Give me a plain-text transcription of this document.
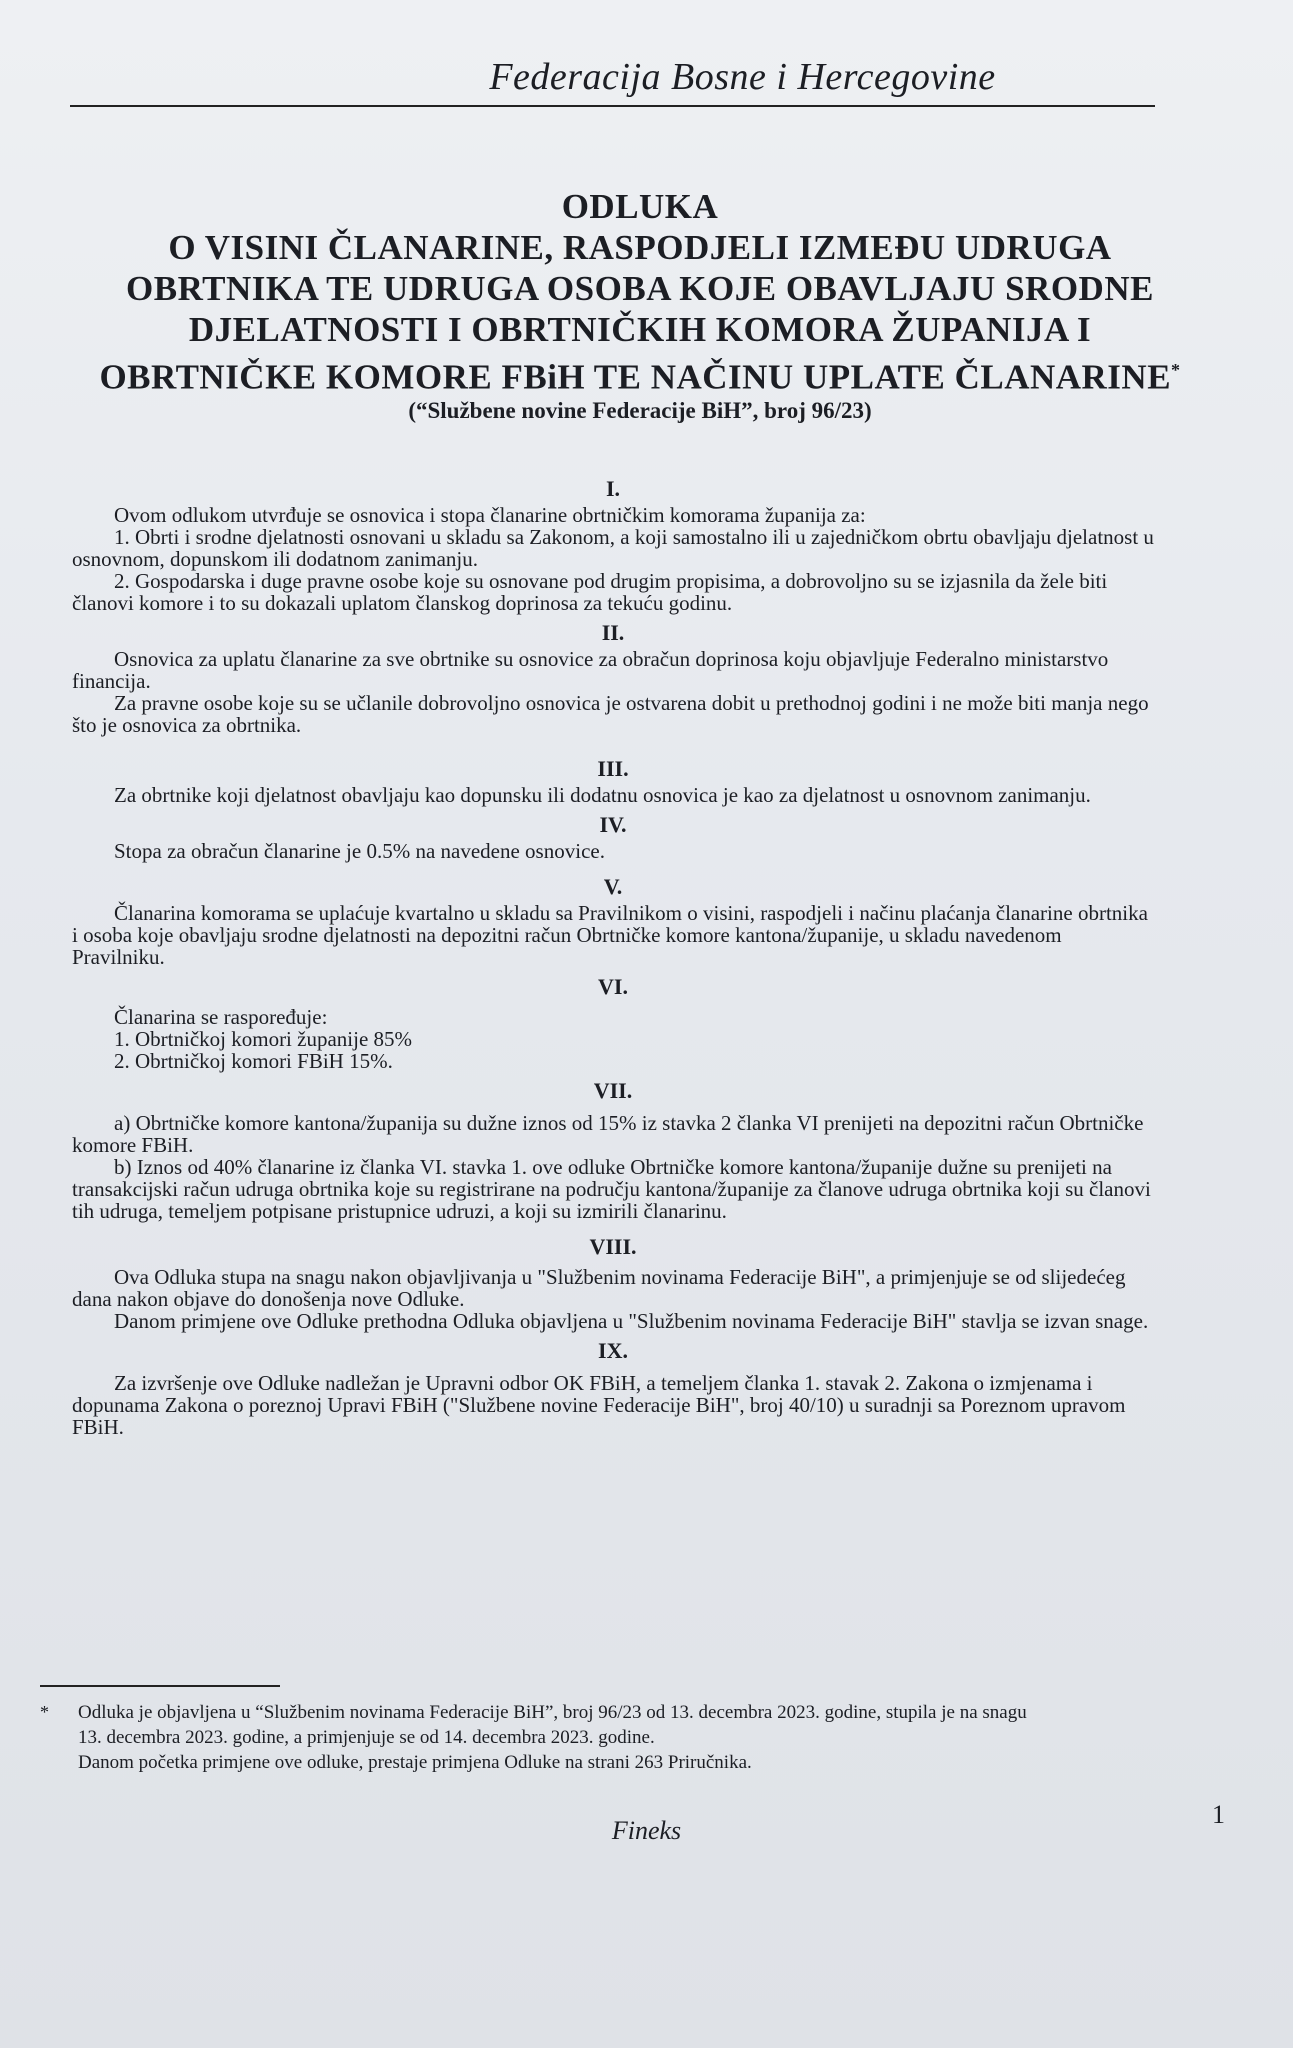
Federacija Bosne i Hercegovine

ODLUKA
O VISINI ČLANARINE, RASPODJELI IZMEĐU UDRUGA
OBRTNIKA TE UDRUGA OSOBA KOJE OBAVLJAJU SRODNE
DJELATNOSTI I OBRTNIČKIH KOMORA ŽUPANIJA I
OBRTNIČKE KOMORE FBiH TE NAČINU UPLATE ČLANARINE*
(“Službene novine Federacije BiH”, broj 96/23)
I.

Ovom odlukom utvrđuje se osnovica i stopa članarine obrtničkim komorama županija za:

1. Obrti i srodne djelatnosti osnovani u skladu sa Zakonom, a koji samostalno ili u zajedničkom obrtu obavljaju djelatnost u osnovnom, dopunskom ili dodatnom zanimanju.

2. Gospodarska i duge pravne osobe koje su osnovane pod drugim propisima, a dobrovoljno su se izjasnila da žele biti članovi komore i to su dokazali uplatom članskog doprinosa za tekuću godinu.

II.

Osnovica za uplatu članarine za sve obrtnike su osnovice za obračun doprinosa koju objavljuje Federalno ministarstvo financija.

Za pravne osobe koje su se učlanile dobrovoljno osnovica je ostvarena dobit u prethodnoj godini i ne može biti manja nego što je osnovica za obrtnika.

III.

Za obrtnike koji djelatnost obavljaju kao dopunsku ili dodatnu osnovica je kao za djelatnost u osnovnom zanimanju.

IV.

Stopa za obračun članarine je 0.5% na navedene osnovice.

V.

Članarina komorama se uplaćuje kvartalno u skladu sa Pravilnikom o visini, raspodjeli i načinu plaćanja članarine obrtnika i osoba koje obavljaju srodne djelatnosti na depozitni račun Obrtničke komore kantona/županije, u skladu navedenom Pravilniku.

VI.

Članarina se raspoređuje:

1. Obrtničkoj komori županije 85%

2. Obrtničkoj komori FBiH 15%.

VII.

a) Obrtničke komore kantona/županija su dužne iznos od 15% iz stavka 2 članka VI prenijeti na depozitni račun Obrtničke komore FBiH.

b) Iznos od 40% članarine iz članka VI. stavka 1. ove odluke Obrtničke komore kantona/županije dužne su prenijeti na transakcijski račun udruga obrtnika koje su registrirane na području kantona/županije za članove udruga obrtnika koji su članovi tih udruga, temeljem potpisane pristupnice udruzi, a koji su izmirili članarinu.

VIII.

Ova Odluka stupa na snagu nakon objavljivanja u "Službenim novinama Federacije BiH", a primjenjuje se od slijedećeg dana nakon objave do donošenja nove Odluke.

Danom primjene ove Odluke prethodna Odluka objavljena u "Službenim novinama Federacije BiH" stavlja se izvan snage.

IX.

Za izvršenje ove Odluke nadležan je Upravni odbor OK FBiH, a temeljem članka 1. stavak 2. Zakona o izmjenama i dopunama Zakona o poreznoj Upravi FBiH ("Službene novine Federacije BiH", broj 40/10) u suradnji sa Poreznom upravom FBiH.

*	Odluka je objavljena u “Službenim novinama Federacije BiH”, broj 96/23 od 13. decembra 2023. godine, stupila je na snagu

13. decembra 2023. godine, a primjenjuje se od 14. decembra 2023. godine.

Danom početka primjene ove odluke, prestaje primjena Odluke na strani 263 Priručnika.

Fineks
1
